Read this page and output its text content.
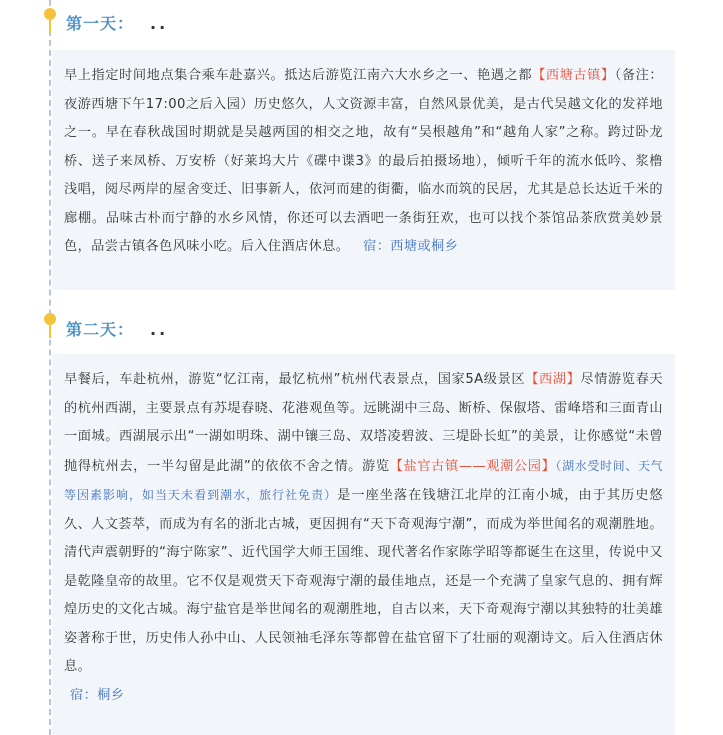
第一天： ..

早上指定时间地点集合乘车赴嘉兴。抵达后游览江南六大水乡之一、艳遇之都【西塘古镇】（备注：夜游西塘下午17:00之后入园）历史悠久，人文资源丰富，自然风景优美，是古代吴越文化的发祥地之一。早在春秋战国时期就是吴越两国的相交之地，故有“吴根越角”和“越角人家”之称。跨过卧龙桥、送子来凤桥、万安桥（好莱坞大片《碟中谍3》的最后拍摄场地），倾听千年的流水低吟、浆橹浅唱，阅尽两岸的屋舍变迁、旧事新人，依河而建的街衢，临水而筑的民居，尤其是总长达近千米的廊棚。品味古朴而宁静的水乡风情，你还可以去酒吧一条街狂欢，也可以找个茶馆品茶欣赏美妙景色，品尝古镇各色风味小吃。后入住酒店休息。 宿：西塘或桐乡

第二天： ..

早餐后，车赴杭州，游览“忆江南，最忆杭州”杭州代表景点，国家5A级景区【西湖】尽情游览春天的杭州西湖，主要景点有苏堤春晓、花港观鱼等。远眺湖中三岛、断桥、保俶塔、雷峰塔和三面青山一面城。西湖展示出“一湖如明珠、湖中镶三岛、双塔凌碧波、三堤卧长虹”的美景，让你感觉“未曾抛得杭州去，一半勾留是此湖”的依依不舍之情。游览【盐官古镇——观潮公园】（湖水受时间、天气等因素影响，如当天未看到潮水，旅行社免责）是一座坐落在钱塘江北岸的江南小城，由于其历史悠久、人文荟萃，而成为有名的浙北古城，更因拥有“天下奇观海宁潮”，而成为举世闻名的观潮胜地。清代声震朝野的“海宁陈家”、近代国学大师王国维、现代著名作家陈学昭等都诞生在这里，传说中又是乾隆皇帝的故里。它不仅是观赏天下奇观海宁潮的最佳地点，还是一个充满了皇家气息的、拥有辉煌历史的文化古城。海宁盐官是举世闻名的观潮胜地，自古以来，天下奇观海宁潮以其独特的壮美雄姿著称于世，历史伟人孙中山、人民领袖毛泽东等都曾在盐官留下了壮丽的观潮诗文。后入住酒店休息。
宿：桐乡
